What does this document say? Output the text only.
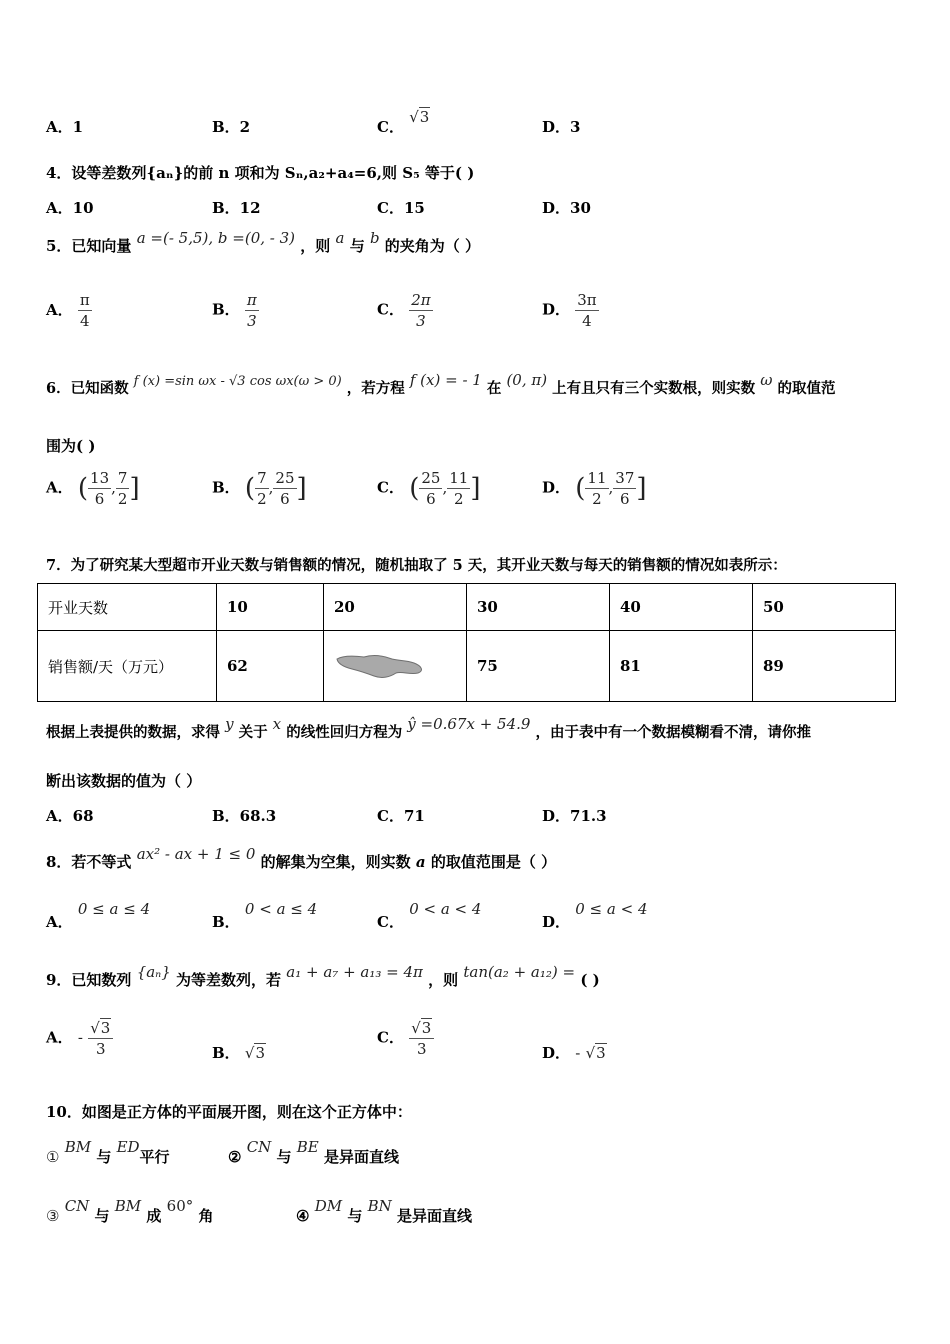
A．1	B．2	C． √3
D．3
4．设等差数列{aₙ}的前 n 项和为 Sₙ,a₂+a₄=6,则 S₅ 等于( )
A．10	B．12	C．15	D．30
5．已知向量 a =(- 5,5), b =(0, - 3) ，则 a 与 b 的夹角为（ ）
A． $\frac{\pi}{4}$	B． $\frac{\pi}{3}$	C． $\frac{2\pi}{3}$	D． $\frac{3\pi}{4}$
6．已知函数 f (x) =sin ωx - √3 cos ωx(ω > 0) ，若方程 f (x) = - 1 在 (0, π) 上有且只有三个实数根，则实数 ω 的取值范
围为( )
A． ( $\frac{13}{6}$ , $\frac{7}{2}$ ]	B． ( $\frac{7}{2}$ , $\frac{25}{6}$ ]	C． ( $\frac{25}{6}$ , $\frac{11}{2}$ ]	D． ( $\frac{11}{2}$ , $\frac{37}{6}$ ]
7．为了研究某大型超市开业天数与销售额的情况，随机抽取了 5 天，其开业天数与每天的销售额的情况如表所示：
开业天数	10	20	30	40	50
销售额/天（万元）	62		75	81	89
根据上表提供的数据，求得 y 关于 x 的线性回归方程为 ŷ =0.67x + 54.9 ，由于表中有一个数据模糊看不清，请你推
断出该数据的值为（ ）
A．68	B．68.3	C．71	D．71.3
8．若不等式 ax² - ax + 1 ≤ 0 的解集为空集，则实数 a 的取值范围是（ ）
A． 0 ≤ a ≤ 4
B． 0 < a ≤ 4
C． 0 < a < 4
D． 0 ≤ a < 4
9．已知数列 {aₙ} 为等差数列，若 a₁ + a₇ + a₁₃ = 4π ，则 tan(a₂ + a₁₂) = ( )
A． - $\frac{√3}{3}$	B． √3
C． $\frac{√3}{3}$	D． - √3
10．如图是正方体的平面展开图，则在这个正方体中：
① BM 与 ED平行	② CN 与 BE 是异面直线
③ CN 与 BM 成 60° 角	④ DM 与 BN 是异面直线
